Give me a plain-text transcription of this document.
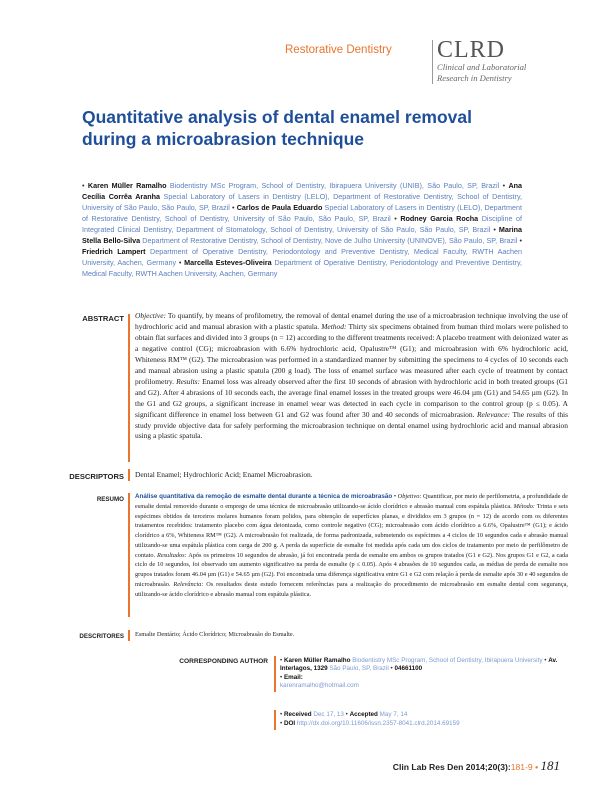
Restorative Dentistry CLRD
Clinical and Laboratorial
Research in Dentistry
Quantitative analysis of dental enamel removal during a microabrasion technique
• Karen Müller Ramalho Biodentistry MSc Program, School of Dentistry, Ibirapuera University (UNIB), São Paulo, SP, Brazil • Ana Cecília Corrêa Aranha Special Laboratory of Lasers in Dentistry (LELO), Department of Restorative Dentistry, School of Dentistry, University of São Paulo, São Paulo, SP, Brazil • Carlos de Paula Eduardo Special Laboratory of Lasers in Dentistry (LELO), Department of Restorative Dentistry, School of Dentistry, University of São Paulo, São Paulo, SP, Brazil • Rodney Garcia Rocha Discipline of Integrated Clinical Dentistry, Department of Stomatology, School of Dentistry, University of São Paulo, São Paulo, SP, Brazil • Marina Stella Bello-Silva Department of Restorative Dentistry, School of Dentistry, Nove de Julho University (UNINOVE), São Paulo, SP, Brazil • Friedrich Lampert Department of Operative Dentistry, Periodontology and Preventive Dentistry, Medical Faculty, RWTH Aachen University, Aachen, Germany • Marcella Esteves-Oliveira Department of Operative Dentistry, Periodontology and Preventive Dentistry, Medical Faculty, RWTH Aachen University, Aachen, Germany
ABSTRACT Objective: To quantify, by means of profilometry, the removal of dental enamel during the use of a microabrasion technique involving the use of hydrochloric acid and manual abrasion with a plastic spatula. Method: Thirty six specimens obtained from human third molars were polished to obtain flat surfaces and divided into 3 groups (n = 12) according to the different treatments received: A placebo treatment with deionized water as a negative control (CG); microabrasion with 6.6% hydrochloric acid, Opalustre™ (G1); and microabrasion with 6% hydrochloric acid, Whiteness RM™ (G2). The microabrasion was performed in a standardized manner by submitting the specimens to 4 cycles of 10 seconds each and manual abrasion using a plastic spatula (200 g load). The loss of enamel surface was measured after each cycle of treatment by contact profilometry. Results: Enamel loss was already observed after the first 10 seconds of abrasion with hydrochloric acid in both treated groups (G1 and G2). After 4 abrasions of 10 seconds each, the average final enamel losses in the treated groups were 46.04 µm (G1) and 54.65 µm (G2). In the G1 and G2 groups, a significant increase in enamel wear was detected in each cycle in comparison to the control group (p ≤ 0.05). A significant difference in enamel loss between G1 and G2 was found after 30 and 40 seconds of microabrasion. Relevance: The results of this study provide objective data for safely performing the microabrasion technique on dental enamel using hydrochloric acid and manual abrasion using a plastic spatula.
DESCRIPTORS Dental Enamel; Hydrochloric Acid; Enamel Microabrasion.
RESUMO Análise quantitativa da remoção de esmalte dental durante a técnica de microabrasão • Objetivo: Quantificar, por meio de perfilometria, a profundidade de esmalte dental removido durante o emprego de uma técnica de microabrasão utilizando-se ácido clorídrico e abrasão manual com espátula plástica. Método: Trinta e seis espécimes obtidos de terceiros molares humanos foram polidos, para obtenção de superfícies planas, e divididos em 3 grupos (n = 12) de acordo com os diferentes tratamentos recebidos: tratamento placebo com água deionizada, como controle negativo (CG); microabrasão com ácido clorídrico a 6.6%, Opalustre™ (G1); e ácido clorídrico a 6%, Whiteness RM™ (G2). A microabrasão foi realizada, de forma padronizada, submetendo os espécimes a 4 ciclos de 10 segundos cada e abrasão manual utilizando-se uma espátula plástica com carga de 200 g. A perda da superfície de esmalte foi medida após cada um dos ciclos de tratamento por meio de perfilômetro de contato. Resultados: Após os primeiros 10 segundos de abrasão, já foi encontrada perda de esmalte em ambos os grupos tratados (G1 e G2). Nos grupos G1 e G2, a cada ciclo de 10 segundos, foi observado um aumento significativo na perda de esmalte (p ≤ 0.05). Após 4 abrasões de 10 segundos cada, as médias de perda de esmalte nos grupos tratados foram 46.04 µm (G1) e 54.65 µm (G2). Foi encontrada uma diferença significativa entre G1 e G2 com relação à perda de esmalte após 30 e 40 segundos de microabrasão. Relevância: Os resultados deste estudo fornecem referências para a realização do procedimento de microabrasão em esmalte dental com segurança, utilizando-se ácido clorídrico e abrasão manual com espátula plástica.
DESCRITORES Esmalte Dentário; Ácido Clorídrico; Microabrasão do Esmalte.
CORRESPONDING AUTHOR • Karen Müller Ramalho Biodentistry MSc Program, School of Dentistry, Ibirapuera University • Av. Interlagos, 1329 São Paulo, SP, Brazil • 04661100
• Email:
karenramalho@hotmail.com
• Received Dec 17, 13 • Accepted May 7, 14
• DOI http://dx.doi.org/10.11606/issn.2357-8041.clrd.2014.69159
Clin Lab Res Den 2014;20(3):181-9 • 181
